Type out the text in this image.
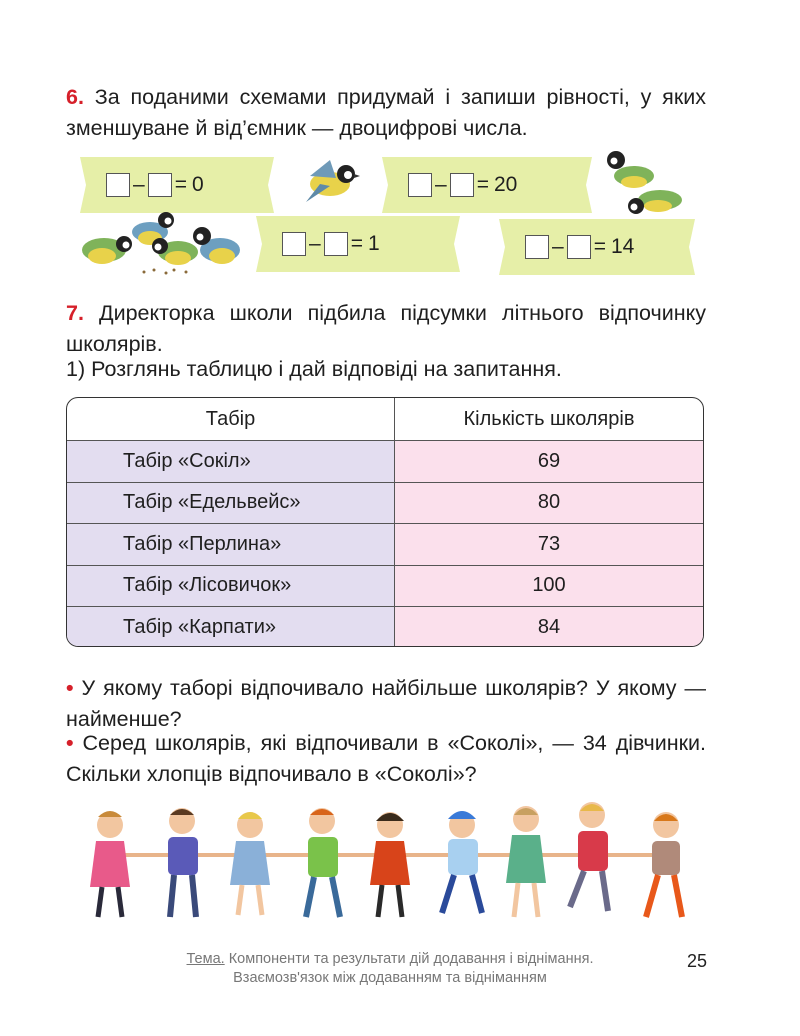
6. За поданими схемами придумай і запиши рівності, у яких зменшуване й від’ємник — двоцифрові числа.

– = 0
– = 1
– = 20
– = 14

7. Директорка школи підбила підсумки літнього відпочинку школярів.

1) Розглянь таблицю і дай відповіді на запитання.

Табір	Кількість школярів
Табір «Сокіл»	69
Табір «Едельвейс»	80
Табір «Перлина»	73
Табір «Лісовичок»	100
Табір «Карпати»	84

• У якому таборі відпочивало найбільше школярів? У якому — найменше?

• Серед школярів, які відпочивали в «Соколі», — 34 дівчинки. Скільки хлопців відпочивало в «Соколі»?

Тема. Компоненти та результати дій додавання і віднімання.
Взаємозв'язок між додаванням та відніманням
25
